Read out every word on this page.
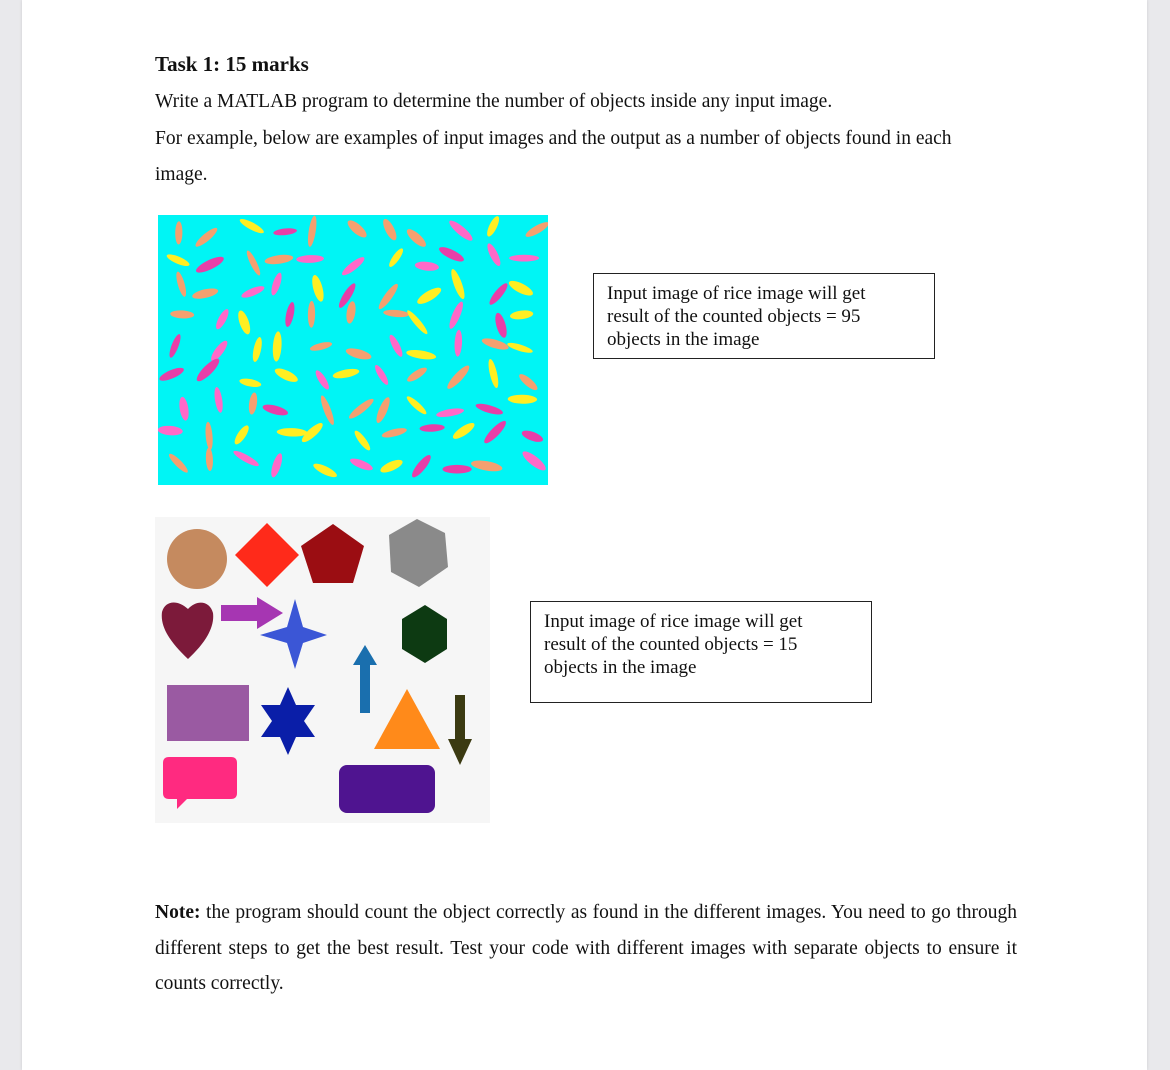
Task 1: 15 marks
Write a MATLAB program to determine the number of objects inside any input image.
For example, below are examples of input images and the output as a number of objects found in each
image.
Input image of rice image will get
result of the counted objects = 95
objects in the image
Input image of rice image will get
result of the counted objects = 15
objects in the image
Note: the program should count the object correctly as found in the different images. You need to go through different steps to get the best result. Test your code with different images with separate objects to ensure it counts correctly.
